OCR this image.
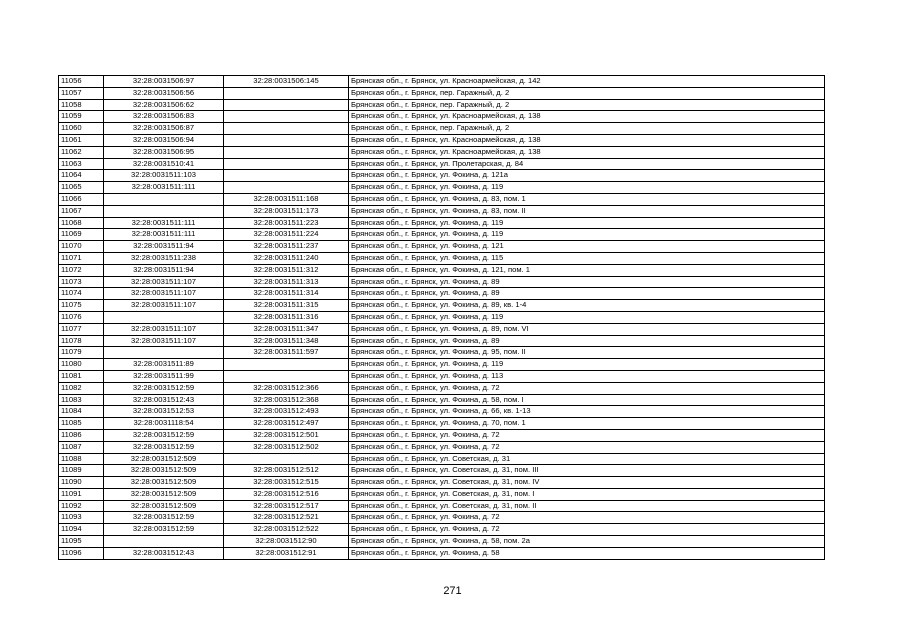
11056	32:28:0031506:97	32:28:0031506:145	Брянская обл., г. Брянск, ул. Красноармейская, д. 142
11057	32:28:0031506:56		Брянская обл., г. Брянск, пер. Гаражный, д. 2
11058	32:28:0031506:62		Брянская обл., г. Брянск, пер. Гаражный, д. 2
11059	32:28:0031506:83		Брянская обл., г. Брянск, ул. Красноармейская, д. 138
11060	32:28:0031506:87		Брянская обл., г. Брянск, пер. Гаражный, д. 2
11061	32:28:0031506:94		Брянская обл., г. Брянск, ул. Красноармейская, д. 138
11062	32:28:0031506:95		Брянская обл., г. Брянск, ул. Красноармейская, д. 138
11063	32:28:0031510:41		Брянская обл., г. Брянск, ул. Пролетарская, д. 84
11064	32:28:0031511:103		Брянская обл., г. Брянск, ул. Фокина, д. 121а
11065	32:28:0031511:111		Брянская обл., г. Брянск, ул. Фокина, д. 119
11066		32:28:0031511:168	Брянская обл., г. Брянск, ул. Фокина, д. 83, пом. 1
11067		32:28:0031511:173	Брянская обл., г. Брянск, ул. Фокина, д. 83, пом. II
11068	32:28:0031511:111	32:28:0031511:223	Брянская обл., г. Брянск, ул. Фокина, д. 119
11069	32:28:0031511:111	32:28:0031511:224	Брянская обл., г. Брянск, ул. Фокина, д. 119
11070	32:28:0031511:94	32:28:0031511:237	Брянская обл., г. Брянск, ул. Фокина, д. 121
11071	32:28:0031511:238	32:28:0031511:240	Брянская обл., г. Брянск, ул. Фокина, д. 115
11072	32:28:0031511:94	32:28:0031511:312	Брянская обл., г. Брянск, ул. Фокина, д. 121, пом. 1
11073	32:28:0031511:107	32:28:0031511:313	Брянская обл., г. Брянск, ул. Фокина, д. 89
11074	32:28:0031511:107	32:28:0031511:314	Брянская обл., г. Брянск, ул. Фокина, д. 89
11075	32:28:0031511:107	32:28:0031511:315	Брянская обл., г. Брянск, ул. Фокина, д. 89, кв. 1-4
11076		32:28:0031511:316	Брянская обл., г. Брянск, ул. Фокина, д. 119
11077	32:28:0031511:107	32:28:0031511:347	Брянская обл., г. Брянск, ул. Фокина, д. 89, пом. VI
11078	32:28:0031511:107	32:28:0031511:348	Брянская обл., г. Брянск, ул. Фокина, д. 89
11079		32:28:0031511:597	Брянская обл., г. Брянск, ул. Фокина, д. 95, пом. II
11080	32:28:0031511:89		Брянская обл., г. Брянск, ул. Фокина, д. 119
11081	32:28:0031511:99		Брянская обл., г. Брянск, ул. Фокина, д. 113
11082	32:28:0031512:59	32:28:0031512:366	Брянская обл., г. Брянск, ул. Фокина, д. 72
11083	32:28:0031512:43	32:28:0031512:368	Брянская обл., г. Брянск, ул. Фокина, д. 58, пом. I
11084	32:28:0031512:53	32:28:0031512:493	Брянская обл., г. Брянск, ул. Фокина, д. 66, кв. 1-13
11085	32:28:0031118:54	32:28:0031512:497	Брянская обл., г. Брянск, ул. Фокина, д. 70, пом. 1
11086	32:28:0031512:59	32:28:0031512:501	Брянская обл., г. Брянск, ул. Фокина, д. 72
11087	32:28:0031512:59	32:28:0031512:502	Брянская обл., г. Брянск, ул. Фокина, д. 72
11088	32:28:0031512:509		Брянская обл., г. Брянск, ул. Советская, д. 31
11089	32:28:0031512:509	32:28:0031512:512	Брянская обл., г. Брянск, ул. Советская, д. 31, пом. III
11090	32:28:0031512:509	32:28:0031512:515	Брянская обл., г. Брянск, ул. Советская, д. 31, пом. IV
11091	32:28:0031512:509	32:28:0031512:516	Брянская обл., г. Брянск, ул. Советская, д. 31, пом. I
11092	32:28:0031512:509	32:28:0031512:517	Брянская обл., г. Брянск, ул. Советская, д. 31, пом. II
11093	32:28:0031512:59	32:28:0031512:521	Брянская обл., г. Брянск, ул. Фокина, д. 72
11094	32:28:0031512:59	32:28:0031512:522	Брянская обл., г. Брянск, ул. Фокина, д. 72
11095		32:28:0031512:90	Брянская обл., г. Брянск, ул. Фокина, д. 58, пом. 2а
11096	32:28:0031512:43	32:28:0031512:91	Брянская обл., г. Брянск, ул. Фокина, д. 58
271
